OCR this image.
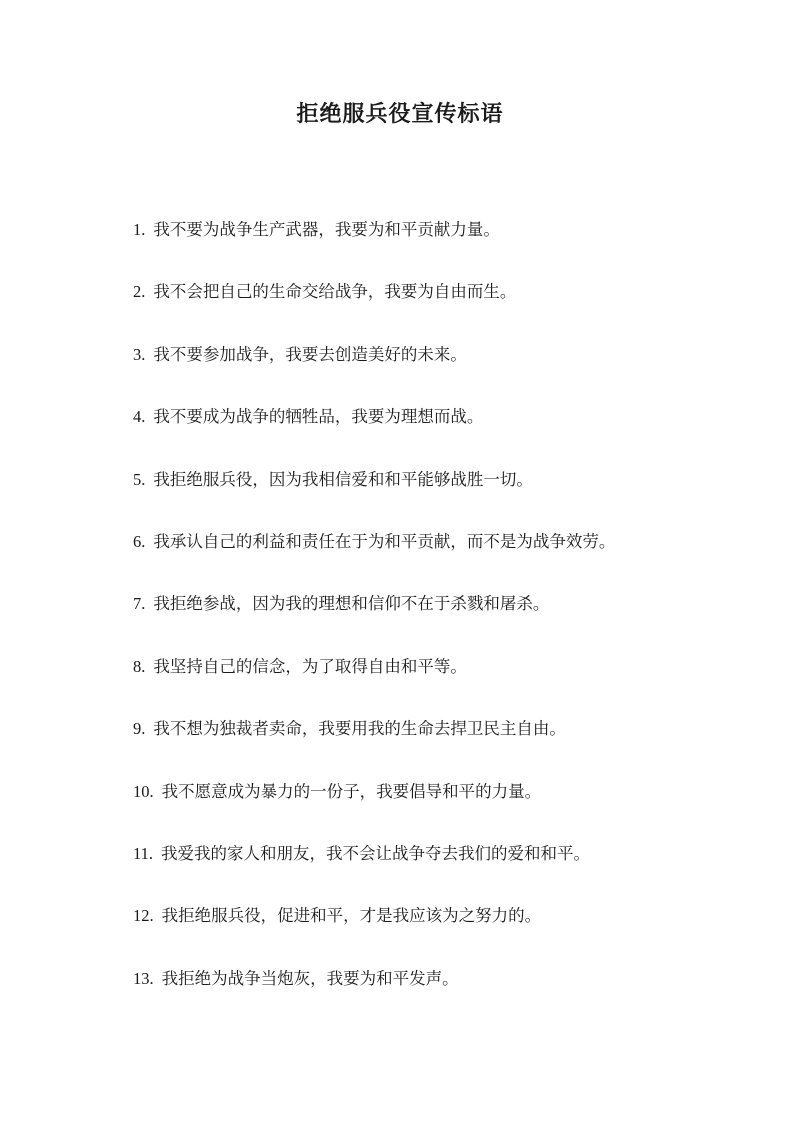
拒绝服兵役宣传标语
1. 我不要为战争生产武器，我要为和平贡献力量。
2. 我不会把自己的生命交给战争，我要为自由而生。
3. 我不要参加战争，我要去创造美好的未来。
4. 我不要成为战争的牺牲品，我要为理想而战。
5. 我拒绝服兵役，因为我相信爱和和平能够战胜一切。
6. 我承认自己的利益和责任在于为和平贡献，而不是为战争效劳。
7. 我拒绝参战，因为我的理想和信仰不在于杀戮和屠杀。
8. 我坚持自己的信念，为了取得自由和平等。
9. 我不想为独裁者卖命，我要用我的生命去捍卫民主自由。
10. 我不愿意成为暴力的一份子，我要倡导和平的力量。
11. 我爱我的家人和朋友，我不会让战争夺去我们的爱和和平。
12. 我拒绝服兵役，促进和平，才是我应该为之努力的。
13. 我拒绝为战争当炮灰，我要为和平发声。
